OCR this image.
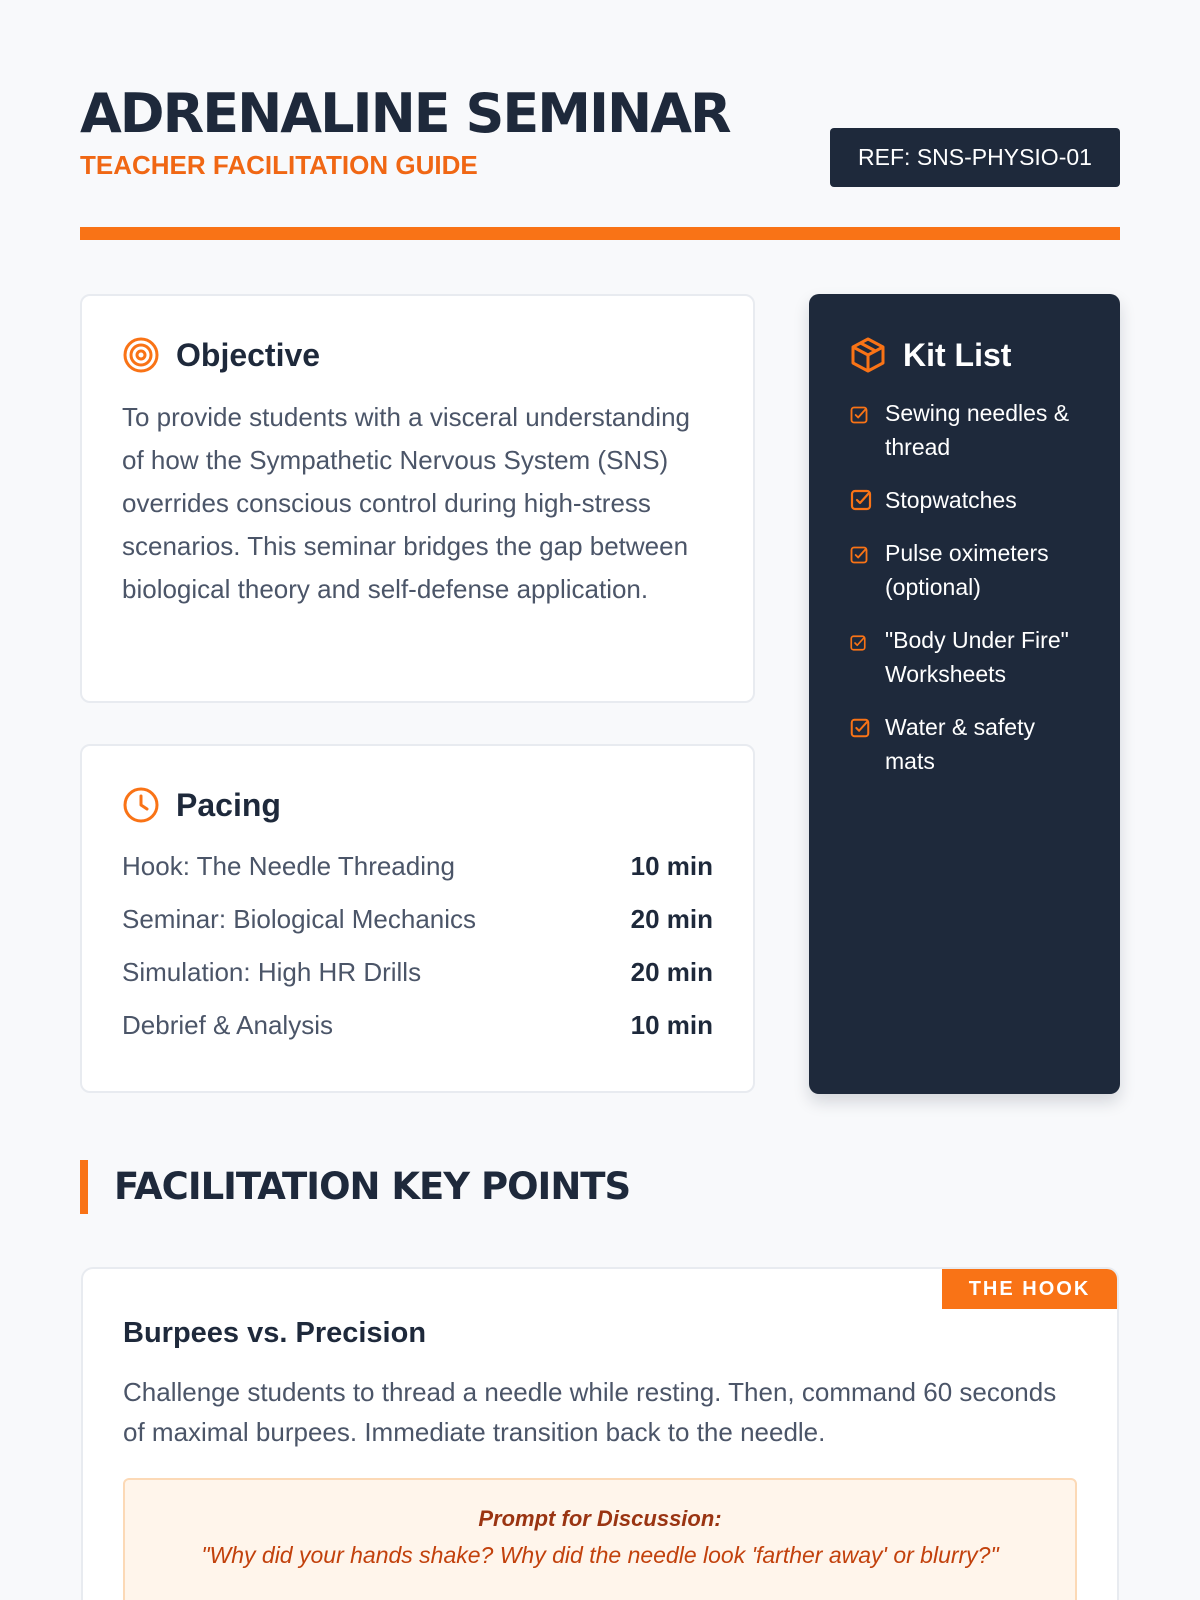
ADRENALINE SEMINAR
TEACHER FACILITATION GUIDE	REF: SNS-PHYSIO-01
Objective

To provide students with a visceral understanding of how the Sympathetic Nervous System (SNS) overrides conscious control during high-stress scenarios. This seminar bridges the gap between biological theory and self-defense application.

Pacing
Hook: The Needle Threading	10 min
Seminar: Biological Mechanics	20 min
Simulation: High HR Drills	20 min
Debrief & Analysis	10 min
Kit List
Sewing needles & thread
Stopwatches
Pulse oximeters (optional)
"Body Under Fire" Worksheets
Water & safety mats
FACILITATION KEY POINTS
THE HOOK
Burpees vs. Precision

Challenge students to thread a needle while resting. Then, command 60 seconds of maximal burpees. Immediate transition back to the needle.

Prompt for Discussion:
"Why did your hands shake? Why did the needle look 'farther away' or blurry?"
